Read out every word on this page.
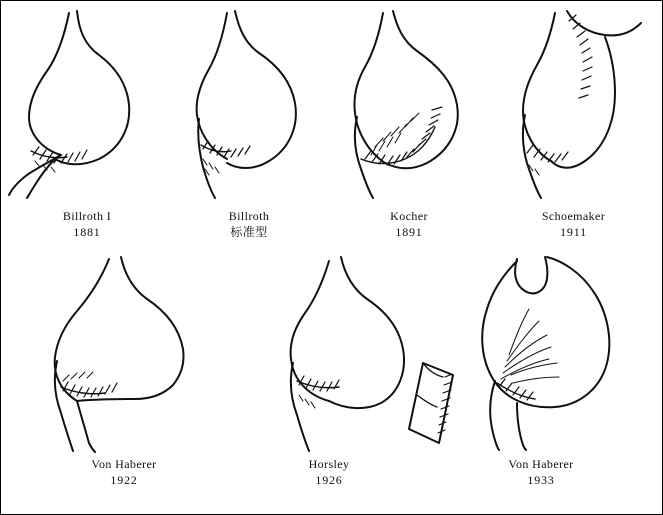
Billroth I
1881
Billroth
标准型
Kocher
1891
Schoemaker
1911
Von Haberer
1922
Horsley
1926
Von Haberer
1933
